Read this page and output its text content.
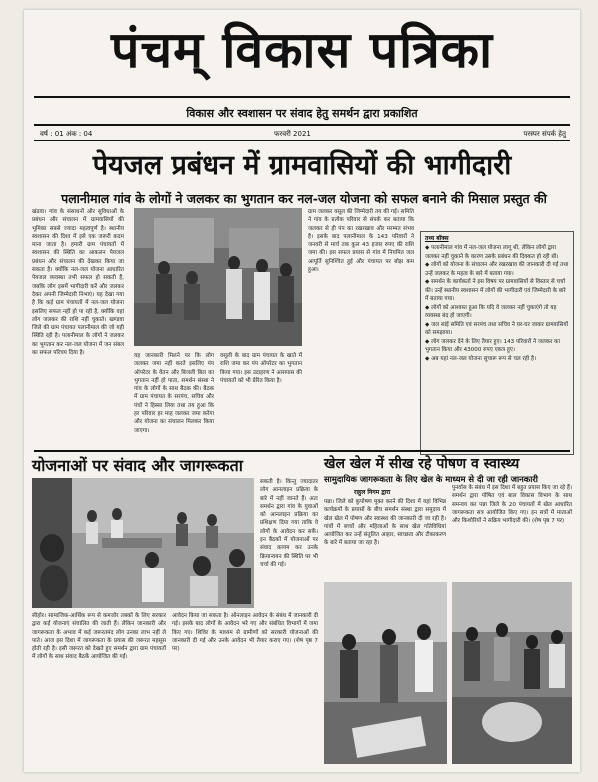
पंचम् विकास पत्रिका
विकास और स्वशासन पर संवाद हेतु समर्थन द्वारा प्रकाशित
वर्ष : 01 अंक : 04	फरवरी 2021	परस्पर संपर्क हेतु
पेयजल प्रबंधन में ग्रामवासियों की भागीदारी
पलानीमाल गांव के लोगों ने जलकर का भुगतान कर नल-जल योजना को सफल बनाने की मिसाल प्रस्तुत की
खंडवा। गांव के संसाधनों और सुविधाओं के प्रबंधन और संचालन में ग्रामवासियों की भूमिका सबसे ज्यादा महत्वपूर्ण है। स्थानीय स्वशासन की दिशा में इसे एक जरूरी कदम माना जाता है। हमारी ग्राम पंचायतों में स्वशासन की स्थिति का आकलन पेयजल प्रबंधन और संचालन की देखकर किया जा सकता है। क्योंकि नल-जल योजना आधारित पेयजल व्यवस्था तभी सफल हो सकती है, जबकि लोग इसमें भागीदारी करें और जलकर देकर अपनी जिम्मेदारी निभाएं। यह देखा गया है कि कई ग्राम पंचायतों में नल-जल योजना इसलिए सफल नहीं हो पा रही है, क्योंकि वहां लोग जलकर की राशि नहीं चुकाते। खण्डवा जिले की ग्राम पंचायत पलानीमाल की जो यही स्थिति रही है। पलानीमाल के लोगों ने जलकर का भुगतान कर नल-जल योजना में जन संबल का सफल परिचय दिया है।	यह जानकारी मिलने पर कि लोग जलकर जमा नहीं करते इसलिए पंप ऑपरेटर के वेतन और बिजली बिल का भुगतान नहीं हो पाता, समर्थन संस्था ने गांव के लोगों के साथ बैठक की। बैठक में ग्राम पंचायत के सरपंच, सचिव और पंचों ने हिस्सा लिया तथा तय हुआ कि हर परिवार हर माह जलकर जमा करेगा और योजना का संचालन मिलकर किया जाएगा।
वसूली के बाद ग्राम पंचायत के खाते में राशि जमा कर पंप ऑपरेटर का भुगतान किया गया। इस उदाहरण ने आसपास की पंचायतों को भी प्रेरित किया है।
ग्राम जलकर वसूल की जिम्मेदारी तय की गई। समिति ने गांव के प्रत्येक परिवार से संपर्क कर बताया कि जलकर से ही पंप का रखरखाव और मरम्मत संभव है। इसके बाद पलानीमाल के 143 परिवारों ने जनवरी से मार्च तक कुल 43 हजार रुपए की राशि जमा की। इस सफल प्रयास से गांव में नियमित जल आपूर्ति सुनिश्चित हुई और पंचायत पर बोझ कम हुआ।
तथ्य बॉक्स
◆ पलानीमाल गांव में नल-जल योजना लागू थी, लेकिन लोगों द्वारा जलकर नहीं चुकाने के कारण उसके प्रबंधन की दिक्कत हो रही थी।
◆ लोगों को योजना के संचालन और रखरखाव की जानकारी दी गई तथा उन्हें जलकर के महत्व के बारे में बताया गया।
◆ समर्थन के कार्यकर्ता ने इस विषय पर ग्रामवासियों से विस्तार से चर्चा की। उन्हें स्थानीय स्वशासन में लोगों की भागीदारी एवं जिम्मेदारी के बारे में बताया गया।
◆ लोगों को आश्वस्त हुआ कि यदि वे जलकर नहीं चुकाएंगे तो यह व्यवस्था बंद हो जाएगी।
◆ जल सांई समिति एवं सरपंच तथा सचिव ने घर-घर जाकर ग्रामवासियों को समझाया।
◆ लोग जलकर देने के लिए तैयार हुए। 143 परिवारों ने जलकर का भुगतान किया और 43000 रुपए एकत्र हुए।
◆ अब यहां नल-जल योजना सुचारू रूप से चल रही है।
योजनाओं पर संवाद और जागरूकता
सकती है। किन्तु ज्यादातर लोग आनलाइन प्रक्रिया के बारे में नहीं जानते हैं। अतः समर्थन द्वारा गांव के युवाओं को आनलाइन प्रक्रिया का प्रशिक्षण दिया गया ताकि वे लोगों के आवेदन कर सकें। इन बैठकों में योजनाओं पर संवाद कायम कर उनके क्रियान्वयन की स्थिति पर भी चर्चा की गई।
सीहोर। सामाजिक-आर्थिक रूप से कमजोर तबकों के लिए सरकार द्वारा कई योजनाएं संचालित की जाती हैं। लेकिन जानकारी और जागरूकता के अभाव में कई जरूरतमंद लोग उनका लाभ नहीं ले पाते। आज इस दिशा में जागरूकता के प्रयास की जरूरत महसूस होती रही है। इसी जरूरत को देखते हुए समर्थन द्वारा ग्राम पंचायतों में लोगों के साथ संवाद बैठकें आयोजित की गईं।
आवेदन किया जा सकता है। ऑनलाइन आवेदन के संबंध में जानकारी दी गई। इसके बाद लोगों के आवेदन भरे गए और संबंधित विभागों में जमा किए गए। शिविर के माध्यम से ग्रामीणों को सरकारी योजनाओं की जानकारी दी गई और उनके आवेदन भी तैयार कराए गए। (शेष पृष्ठ 7 पर)
खेल खेल में सीख रहे पोषण व स्वास्थ्य
सामुदायिक जागरूकता के लिए खेल के माध्यम से दी जा रही जानकारी
राहुल निगम द्वारा
पन्ना। जिले को कुपोषण मुक्त करने की दिशा में यहां विभिन्न कार्यक्रमों के प्रयासों के बीच समर्थन संस्था द्वारा समुदाय में खेल खेल में पोषण और स्वास्थ्य की जानकारी दी जा रही है। गांवों में बच्चों और महिलाओं के साथ खेल गतिविधियां आयोजित कर उन्हें संतुलित आहार, स्वच्छता और टीकाकरण के बारे में बताया जा रहा है।
पुनर्वास के संबंध में इस दिशा में बहुत प्रयास किए जा रहे हैं। समर्थन द्वारा पोषित एवं बाल विकास विभाग के साथ समन्वय कर पन्ना जिले के 20 पंचायतों में खेल आधारित जागरूकता सत्र आयोजित किए गए। इन सत्रों में माताओं और किशोरियों ने सक्रिय भागीदारी की। (शेष पृष्ठ 7 पर)
